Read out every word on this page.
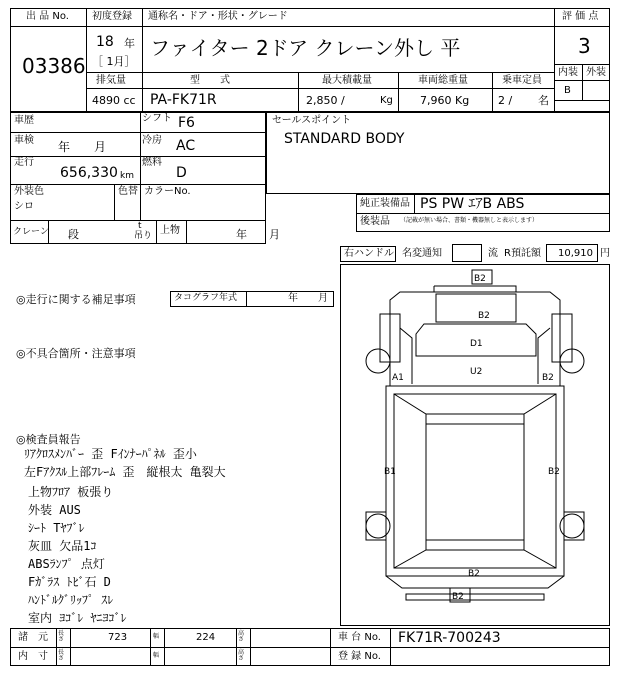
出 品 No.
03386
初度登録
18 年
［ 1月］
通称名・ドア・形状・グレード
ファイター 2ドア クレーン外し 平
評 価 点
3
内装 外装
B
排気量
4890 cc
型　　式
PA-FK71R
最大積載量
2,850 /	Kg
車両総重量
7,960 Kg
乗車定員
2 / 名
車歴	シフト F6
車検 年　　月	冷房 AC
走行
656,330 km
燃料
D
外装色
シロ
色替 カラーNo.
クレーン 段
t
吊り 上物	年　　月
セールスポイント
STANDARD BODY
純正装備品 PS PW ｴｱB ABS
後装品 （記載が無い場合、書類・機器無しと表示します）
右ハンドル 名変通知	流 R預託額 10,910 円
◎走行に関する補足事項	タコグラフ年式	年　　月
◎不具合箇所・注意事項
◎検査員報告
ﾘｱｸﾛｽﾒﾝﾊﾞｰ 歪 Fｲﾝﾅｰﾊﾟﾈﾙ 歪小
左Fｱｸｽﾙ上部ﾌﾚｰﾑ 歪　縦根太 亀裂大
上物ﾌﾛｱ 板張り
外装 AUS
ｼｰﾄ Tﾔﾌﾞﾚ
灰皿 欠品1ｺ
ABSﾗﾝﾌﾟ 点灯
Fｶﾞﾗｽ ﾄﾋﾞ石 D
ﾊﾝﾄﾞﾙｸﾞﾘｯﾌﾟ ｽﾚ
室内 ﾖｺﾞﾚ ﾔﾆﾖｺﾞﾚ
B2
B2
D1
A1
U2
B2
B1	B2
B2
B2
諸　元 長さ	723	幅	224	高さ	車 台 No. FK71R-700243
内　寸 長さ	幅	高さ	登 録 No.
